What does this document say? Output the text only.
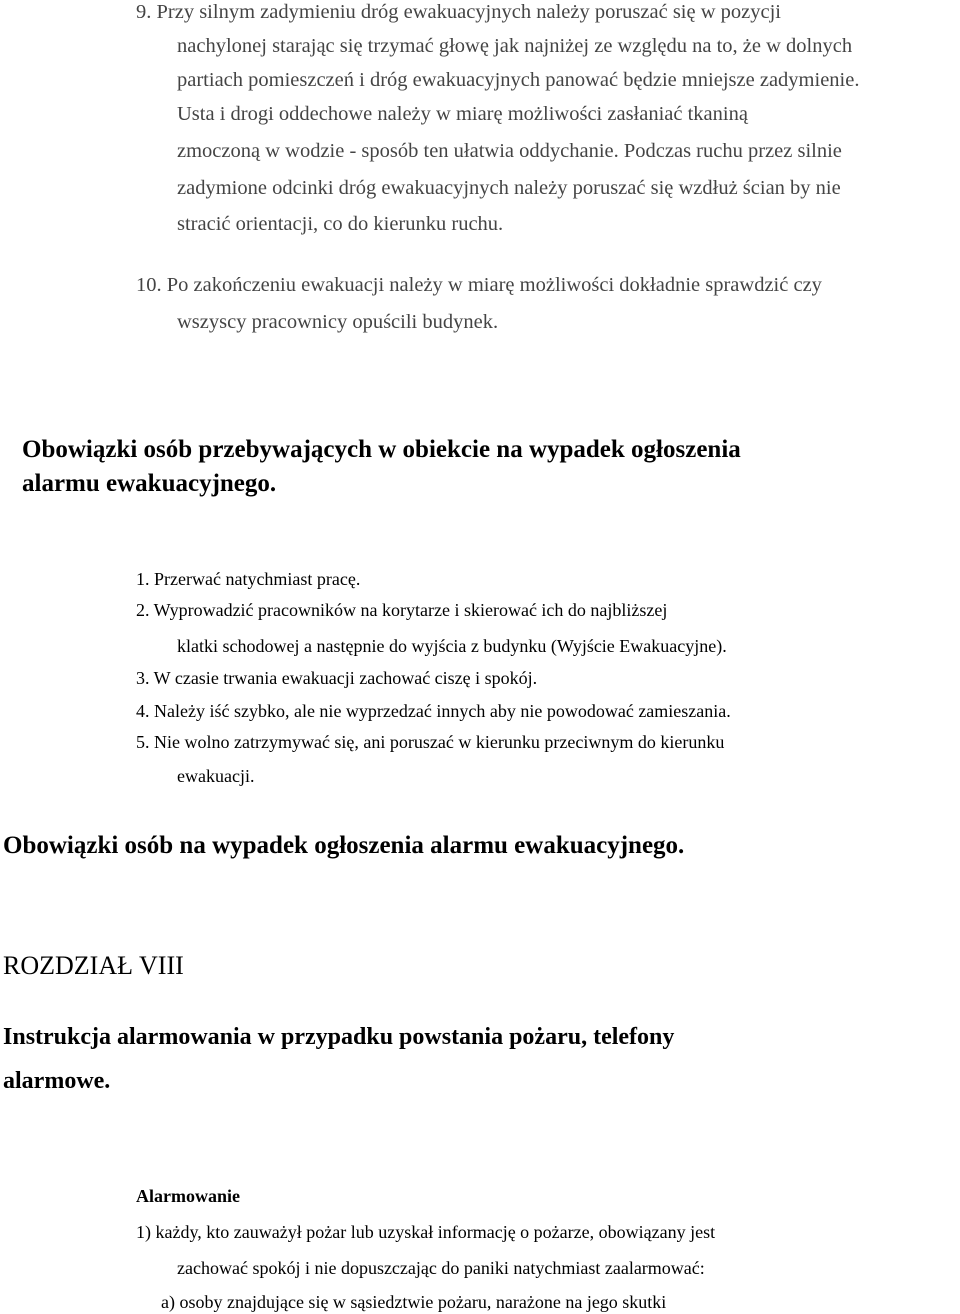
9. Przy silnym zadymieniu dróg ewakuacyjnych należy poruszać się w pozycji
nachylonej starając się trzymać głowę jak najniżej ze względu na to, że w dolnych
partiach pomieszczeń i dróg ewakuacyjnych panować będzie mniejsze zadymienie.
Usta i drogi oddechowe należy w miarę możliwości zasłaniać tkaniną
zmoczoną w wodzie - sposób ten ułatwia oddychanie. Podczas ruchu przez silnie
zadymione odcinki dróg ewakuacyjnych należy poruszać się wzdłuż ścian by nie
stracić orientacji, co do kierunku ruchu.
10. Po zakończeniu ewakuacji należy w miarę możliwości dokładnie sprawdzić czy
wszyscy pracownicy opuścili budynek.
Obowiązki osób przebywających w obiekcie na wypadek ogłoszenia
alarmu ewakuacyjnego.
1. Przerwać natychmiast pracę.
2. Wyprowadzić pracowników na korytarze i skierować ich do najbliższej
klatki schodowej a następnie do wyjścia z budynku (Wyjście Ewakuacyjne).
3. W czasie trwania ewakuacji zachować ciszę i spokój.
4. Należy iść szybko, ale nie wyprzedzać innych aby nie powodować zamieszania.
5. Nie wolno zatrzymywać się, ani poruszać w kierunku przeciwnym do kierunku
ewakuacji.
Obowiązki osób na wypadek ogłoszenia alarmu ewakuacyjnego.
ROZDZIAŁ VIII
Instrukcja alarmowania w przypadku powstania pożaru, telefony
alarmowe.
Alarmowanie
1) każdy, kto zauważył pożar lub uzyskał informację o pożarze, obowiązany jest
zachować spokój i nie dopuszczając do paniki natychmiast zaalarmować:
a) osoby znajdujące się w sąsiedztwie pożaru, narażone na jego skutki
